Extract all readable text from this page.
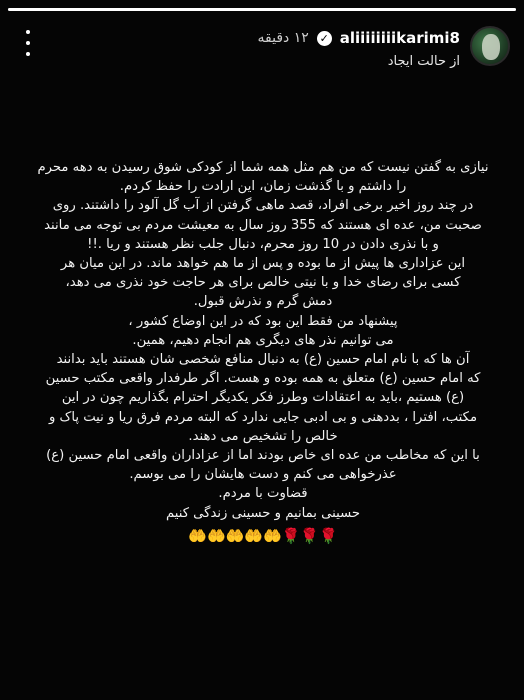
aliiiiiiiikarimi8
✓
۱۲ دقیقه
از حالت ایجاد

نیازی به گفتن نیست که من هم مثل همه شما از کودکی شوق رسیدن به دهه محرم

را داشتم و با گذشت زمان، این ارادت را حفظ کردم.

در چند روز اخیر برخی افراد، قصد ماهی گرفتن از آب گل آلود را داشتند. روی

صحبت من، عده ای هستند که 355 روز سال به معیشت مردم بی توجه می مانند

و با نذری دادن در 10 روز محرم، دنبال جلب نظر هستند و ریا .!!

این عزاداری ها پیش از ما بوده و پس از ما هم خواهد ماند. در این میان هر

کسی برای رضای خدا و با نیتی خالص برای هر حاجت خود نذری می دهد،

دمش گرم و نذرش قبول.

پیشنهاد من فقط این بود که در این اوضاع کشور ،

می توانیم نذر های دیگری هم انجام دهیم، همین.

آن ها که با نام امام حسین (ع) به دنبال منافع شخصی شان هستند باید بدانند

که امام حسین (ع) متعلق به همه بوده و هست. اگر طرفدار واقعی مکتب حسین

(ع) هستیم ،باید به اعتقادات وطرز فکر یکدیگر احترام بگذاریم چون در این

مکتب، افترا ، بددهنی و بی ادبی جایی ندارد که البته مردم فرق ریا و نیت پاک و

خالص را تشخیص می دهند.

با این که مخاطب من عده ای خاص بودند اما از عزاداران واقعی امام حسین (ع)

عذرخواهی می کنم و دست هایشان را می بوسم.

قضاوت با مردم.

حسینی بمانیم و حسینی زندگی کنیم

🤲🤲🤲🤲🤲🌹🌹🌹
